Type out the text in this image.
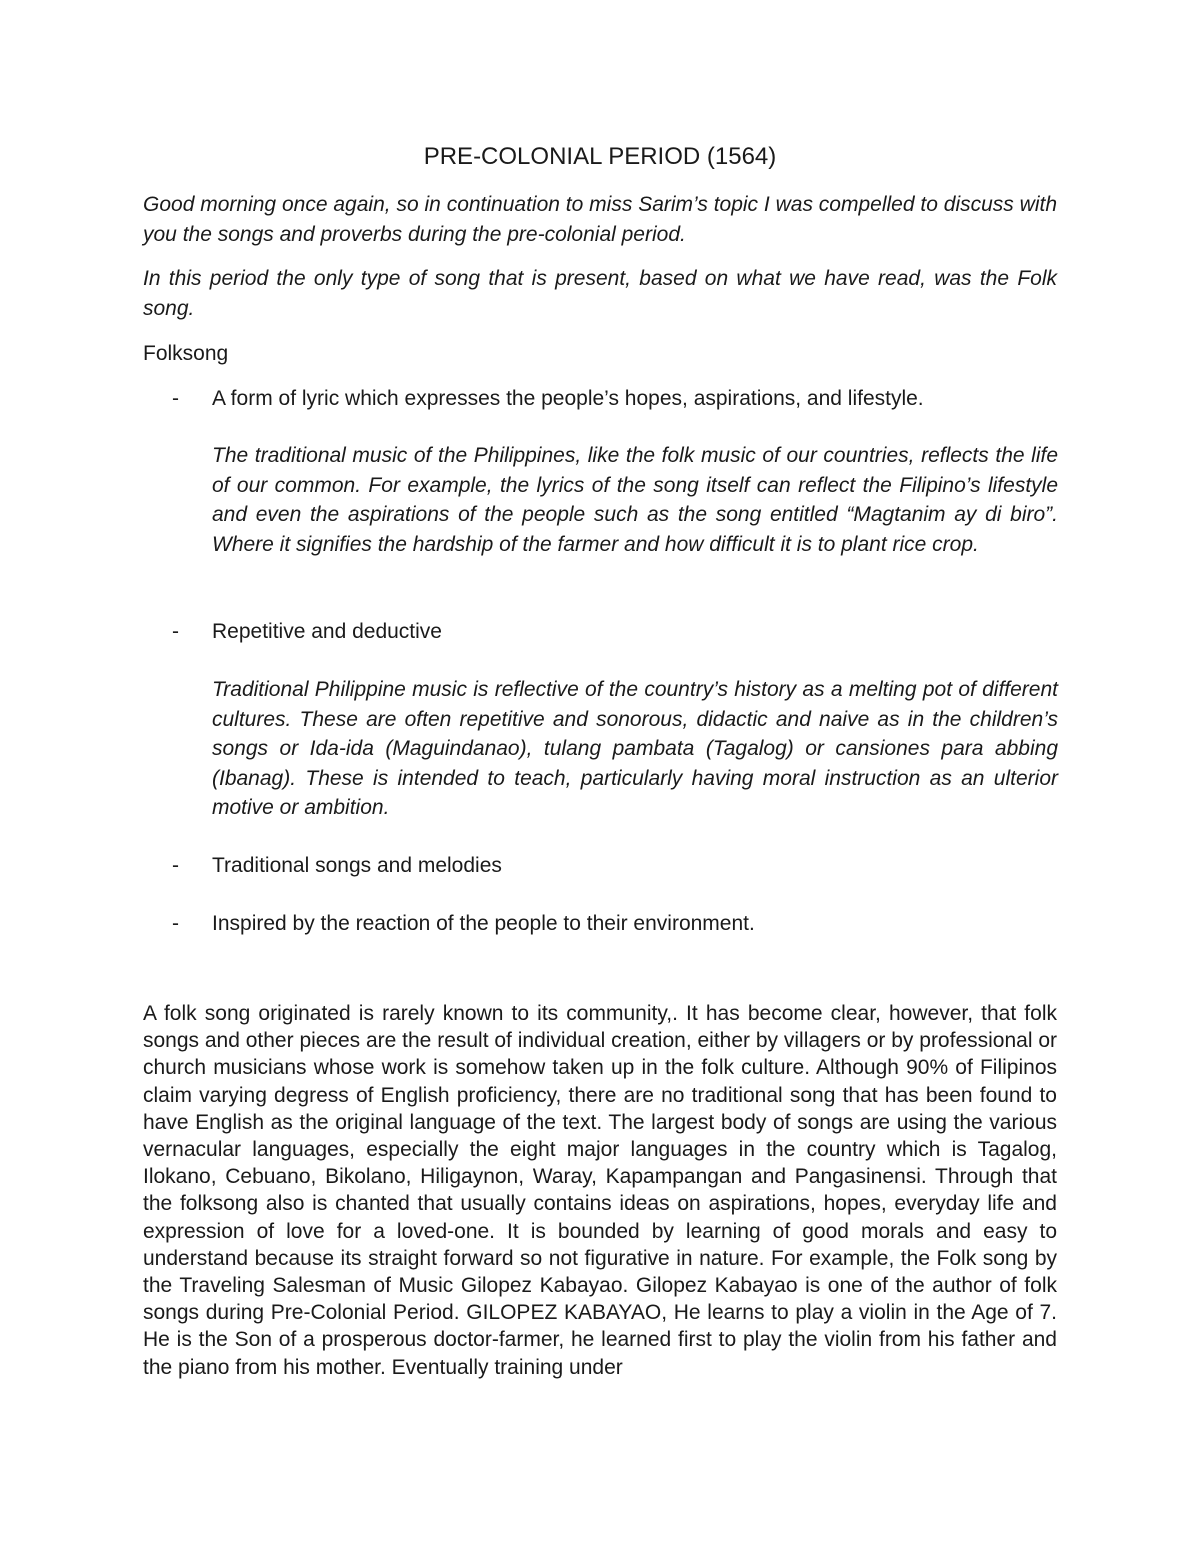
PRE-COLONIAL PERIOD (1564)

Good morning once again, so in continuation to miss Sarim’s topic I was compelled to discuss with you the songs and proverbs during the pre-colonial period.

In this period the only type of song that is present, based on what we have read, was the Folk song.

Folksong

- A form of lyric which expresses the people’s hopes, aspirations, and lifestyle.

The traditional music of the Philippines, like the folk music of our countries, reflects the life of our common. For example, the lyrics of the song itself can reflect the Filipino’s lifestyle and even the aspirations of the people such as the song entitled “Magtanim ay di biro”. Where it signifies the hardship of the farmer and how difficult it is to plant rice crop.

- Repetitive and deductive

Traditional Philippine music is reflective of the country’s history as a melting pot of different cultures. These are often repetitive and sonorous, didactic and naive as in the children’s songs or Ida-ida (Maguindanao), tulang pambata (Tagalog) or cansiones para abbing (Ibanag). These is intended to teach, particularly having moral instruction as an ulterior motive or ambition.

- Traditional songs and melodies

- Inspired by the reaction of the people to their environment.

A folk song originated is rarely known to its community,. It has become clear, however, that folk songs and other pieces are the result of individual creation, either by villagers or by professional or church musicians whose work is somehow taken up in the folk culture. Although 90% of Filipinos claim varying degress of English proficiency, there are no traditional song that has been found to have English as the original language of the text. The largest body of songs are using the various vernacular languages, especially the eight major languages in the country which is Tagalog, Ilokano, Cebuano, Bikolano, Hiligaynon, Waray, Kapampangan and Pangasinensi. Through that the folksong also is chanted that usually contains ideas on aspirations, hopes, everyday life and expression of love for a loved-one. It is bounded by learning of good morals and easy to understand because its straight forward so not figurative in nature. For example, the Folk song by the Traveling Salesman of Music Gilopez Kabayao. Gilopez Kabayao is one of the author of folk songs during Pre-Colonial Period. GILOPEZ KABAYAO, He learns to play a violin in the Age of 7. He is the Son of a prosperous doctor-farmer, he learned first to play the violin from his father and the piano from his mother. Eventually training under
